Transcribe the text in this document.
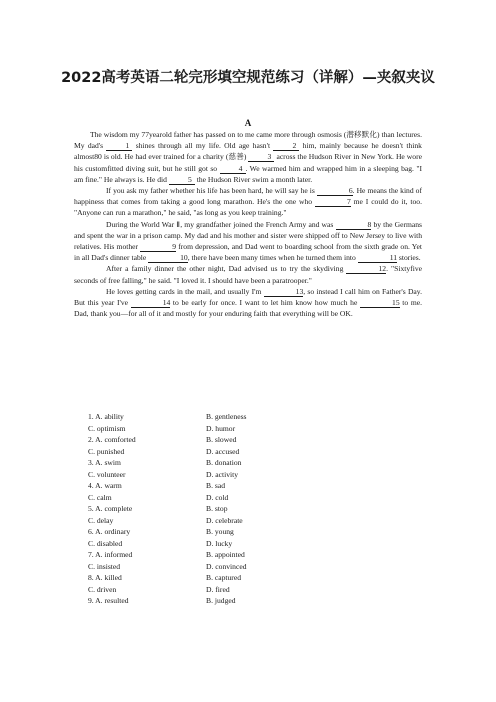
2022高考英语二轮完形填空规范练习（详解）—夹叙夹议
A

The wisdom my 77yearold father has passed on to me came more through osmosis (潜移默化) than lectures. My dad's	1 shines through all my life. Old age hasn't	2 him, mainly because he doesn't think almost80 is old. He had ever trained for a charity (慈善)	3 across the Hudson River in New York. He wore his customfitted diving suit, but he still got so	4 . We warmed him and wrapped him in a sleeping bag. "I am fine." He always is. He did	5 the Hudson River swim a month later.

If you ask my father whether his life has been hard, he will say he is	6. He means the kind of happiness that comes from taking a good long marathon. He's the one who	7 me I could do it, too. "Anyone can run a marathon," he said, "as long as you keep training."

During the World War Ⅱ, my grandfather joined the French Army and was	8 by the Germans and spent the war in a prison camp. My dad and his mother and sister were shipped off to New Jersey to live with relatives. His mother	9 from depression, and Dad went to boarding school from the sixth grade on. Yet in all Dad's dinner table	10, there have been many times when he turned them into	11 stories.

After a family dinner the other night, Dad advised us to try the skydiving	12. "Sixtyfive seconds of free falling," he said. "I loved it. I should have been a paratrooper."

He loves getting cards in the mail, and usually I'm	13, so instead I call him on Father's Day. But this year I've	14 to be early for once. I want to let him know how much he	15 to me. Dad, thank you—for all of it and mostly for your enduring faith that everything will be OK.

1. A. ability	B. gentleness
C. optimism	D. humor
2. A. comforted	B. slowed
C. punished	D. accused
3. A. swim	B. donation
C. volunteer	D. activity
4. A. warm	B. sad
C. calm	D. cold
5. A. complete	B. stop
C. delay	D. celebrate
6. A. ordinary	B. young
C. disabled	D. lucky
7. A. informed	B. appointed
C. insisted	D. convinced
8. A. killed	B. captured
C. driven	D. fired
9. A. resulted	B. judged
